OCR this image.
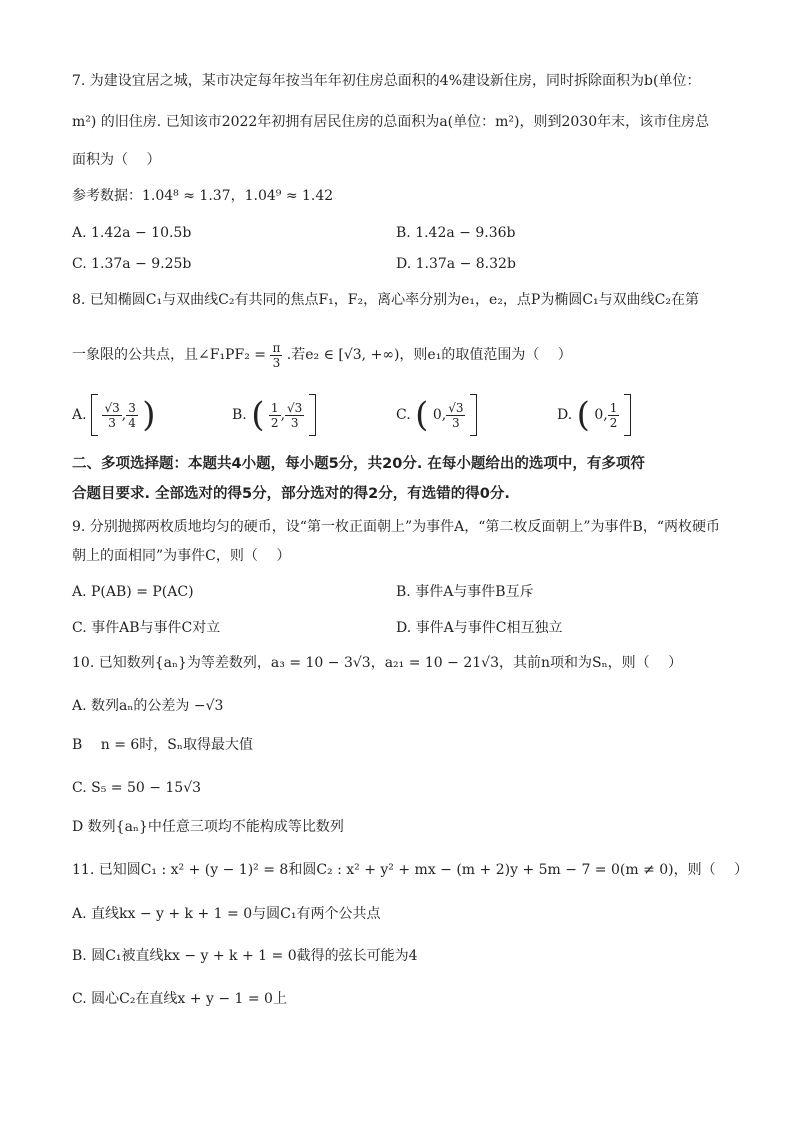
7. 为建设宜居之城，某市决定每年按当年年初住房总面积的4%建设新住房，同时拆除面积为b(单位：
m²) 的旧住房. 已知该市2022年初拥有居民住房的总面积为a(单位：m²)，则到2030年末，该市住房总
面积为（　 ）
参考数据：1.04⁸ ≈ 1.37，1.04⁹ ≈ 1.42
A. 1.42a − 10.5b	B. 1.42a − 9.36b
C. 1.37a − 9.25b	D. 1.37a − 8.32b
8. 已知椭圆C₁与双曲线C₂有共同的焦点F₁，F₂，离心率分别为e₁，e₂，点P为椭圆C₁与双曲线C₂在第
一象限的公共点，且∠F₁PF₂ = $\frac{\pi}{3}$ .若e₂ ∈ [√3, +∞)，则e₁的取值范围为（　 ）
A. $\frac{√3}{3}$ , $\frac{3}{4}$ )	B. ( $\frac{1}{2}$ , $\frac{√3}{3}$
	C. ( 0, $\frac{√3}{3}$
	D. ( 0, $\frac{1}{2}$

二、多项选择题：本题共4小题，每小题5分，共20分. 在每小题给出的选项中，有多项符
合题目要求. 全部选对的得5分，部分选对的得2分，有选错的得0分.
9. 分别抛掷两枚质地均匀的硬币，设“第一枚正面朝上”为事件A，“第二枚反面朝上”为事件B，“两枚硬币
朝上的面相同”为事件C，则（　 ）
A. P(AB) = P(AC)	B. 事件A与事件B互斥
C. 事件AB与事件C对立	D. 事件A与事件C相互独立
10. 已知数列{aₙ}为等差数列，a₃ = 10 − 3√3，a₂₁ = 10 − 21√3，其前n项和为Sₙ，则（　 ）
A. 数列aₙ的公差为 −√3
B　 n = 6时，Sₙ取得最大值
C. S₅ = 50 − 15√3
D 数列{aₙ}中任意三项均不能构成等比数列
11. 已知圆C₁ : x² + (y − 1)² = 8和圆C₂ : x² + y² + mx − (m + 2)y + 5m − 7 = 0(m ≠ 0)，则（　 ）
A. 直线kx − y + k + 1 = 0与圆C₁有两个公共点
B. 圆C₁被直线kx − y + k + 1 = 0截得的弦长可能为4
C. 圆心C₂在直线x + y − 1 = 0上
